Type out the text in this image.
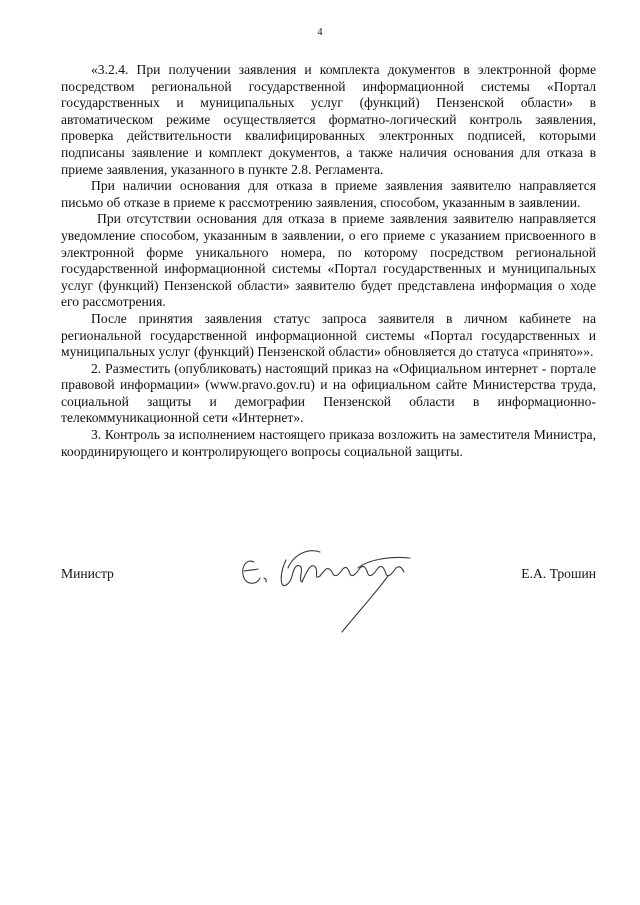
4

«3.2.4. При получении заявления и комплекта документов в электронной форме посредством региональной государственной информационной системы «Портал государственных и муниципальных услуг (функций) Пензенской области» в автоматическом режиме осуществляется форматно-логический контроль заявления, проверка действительности квалифицированных электронных подписей, которыми подписаны заявление и комплект документов, а также наличия основания для отказа в приеме заявления, указанного в пункте 2.8. Регламента.

При наличии основания для отказа в приеме заявления заявителю направляется письмо об отказе в приеме к рассмотрению заявления, способом, указанным в заявлении.

При отсутствии основания для отказа в приеме заявления заявителю направляется уведомление способом, указанным в заявлении, о его приеме с указанием присвоенного в электронной форме уникального номера, по которому посредством региональной государственной информационной системы «Портал государственных и муниципальных услуг (функций) Пензенской области» заявителю будет представлена информация о ходе его рассмотрения.

После принятия заявления статус запроса заявителя в личном кабинете на региональной государственной информационной системы «Портал государственных и муниципальных услуг (функций) Пензенской области» обновляется до статуса «принято»».

2. Разместить (опубликовать) настоящий приказ на «Официальном интернет - портале правовой информации» (www.pravo.gov.ru) и на официальном сайте Министерства труда, социальной защиты и демографии Пензенской области в информационно-телекоммуникационной сети «Интернет».

3. Контроль за исполнением настоящего приказа возложить на заместителя Министра, координирующего и контролирующего вопросы социальной защиты.

Министр	Е.А. Трошин
